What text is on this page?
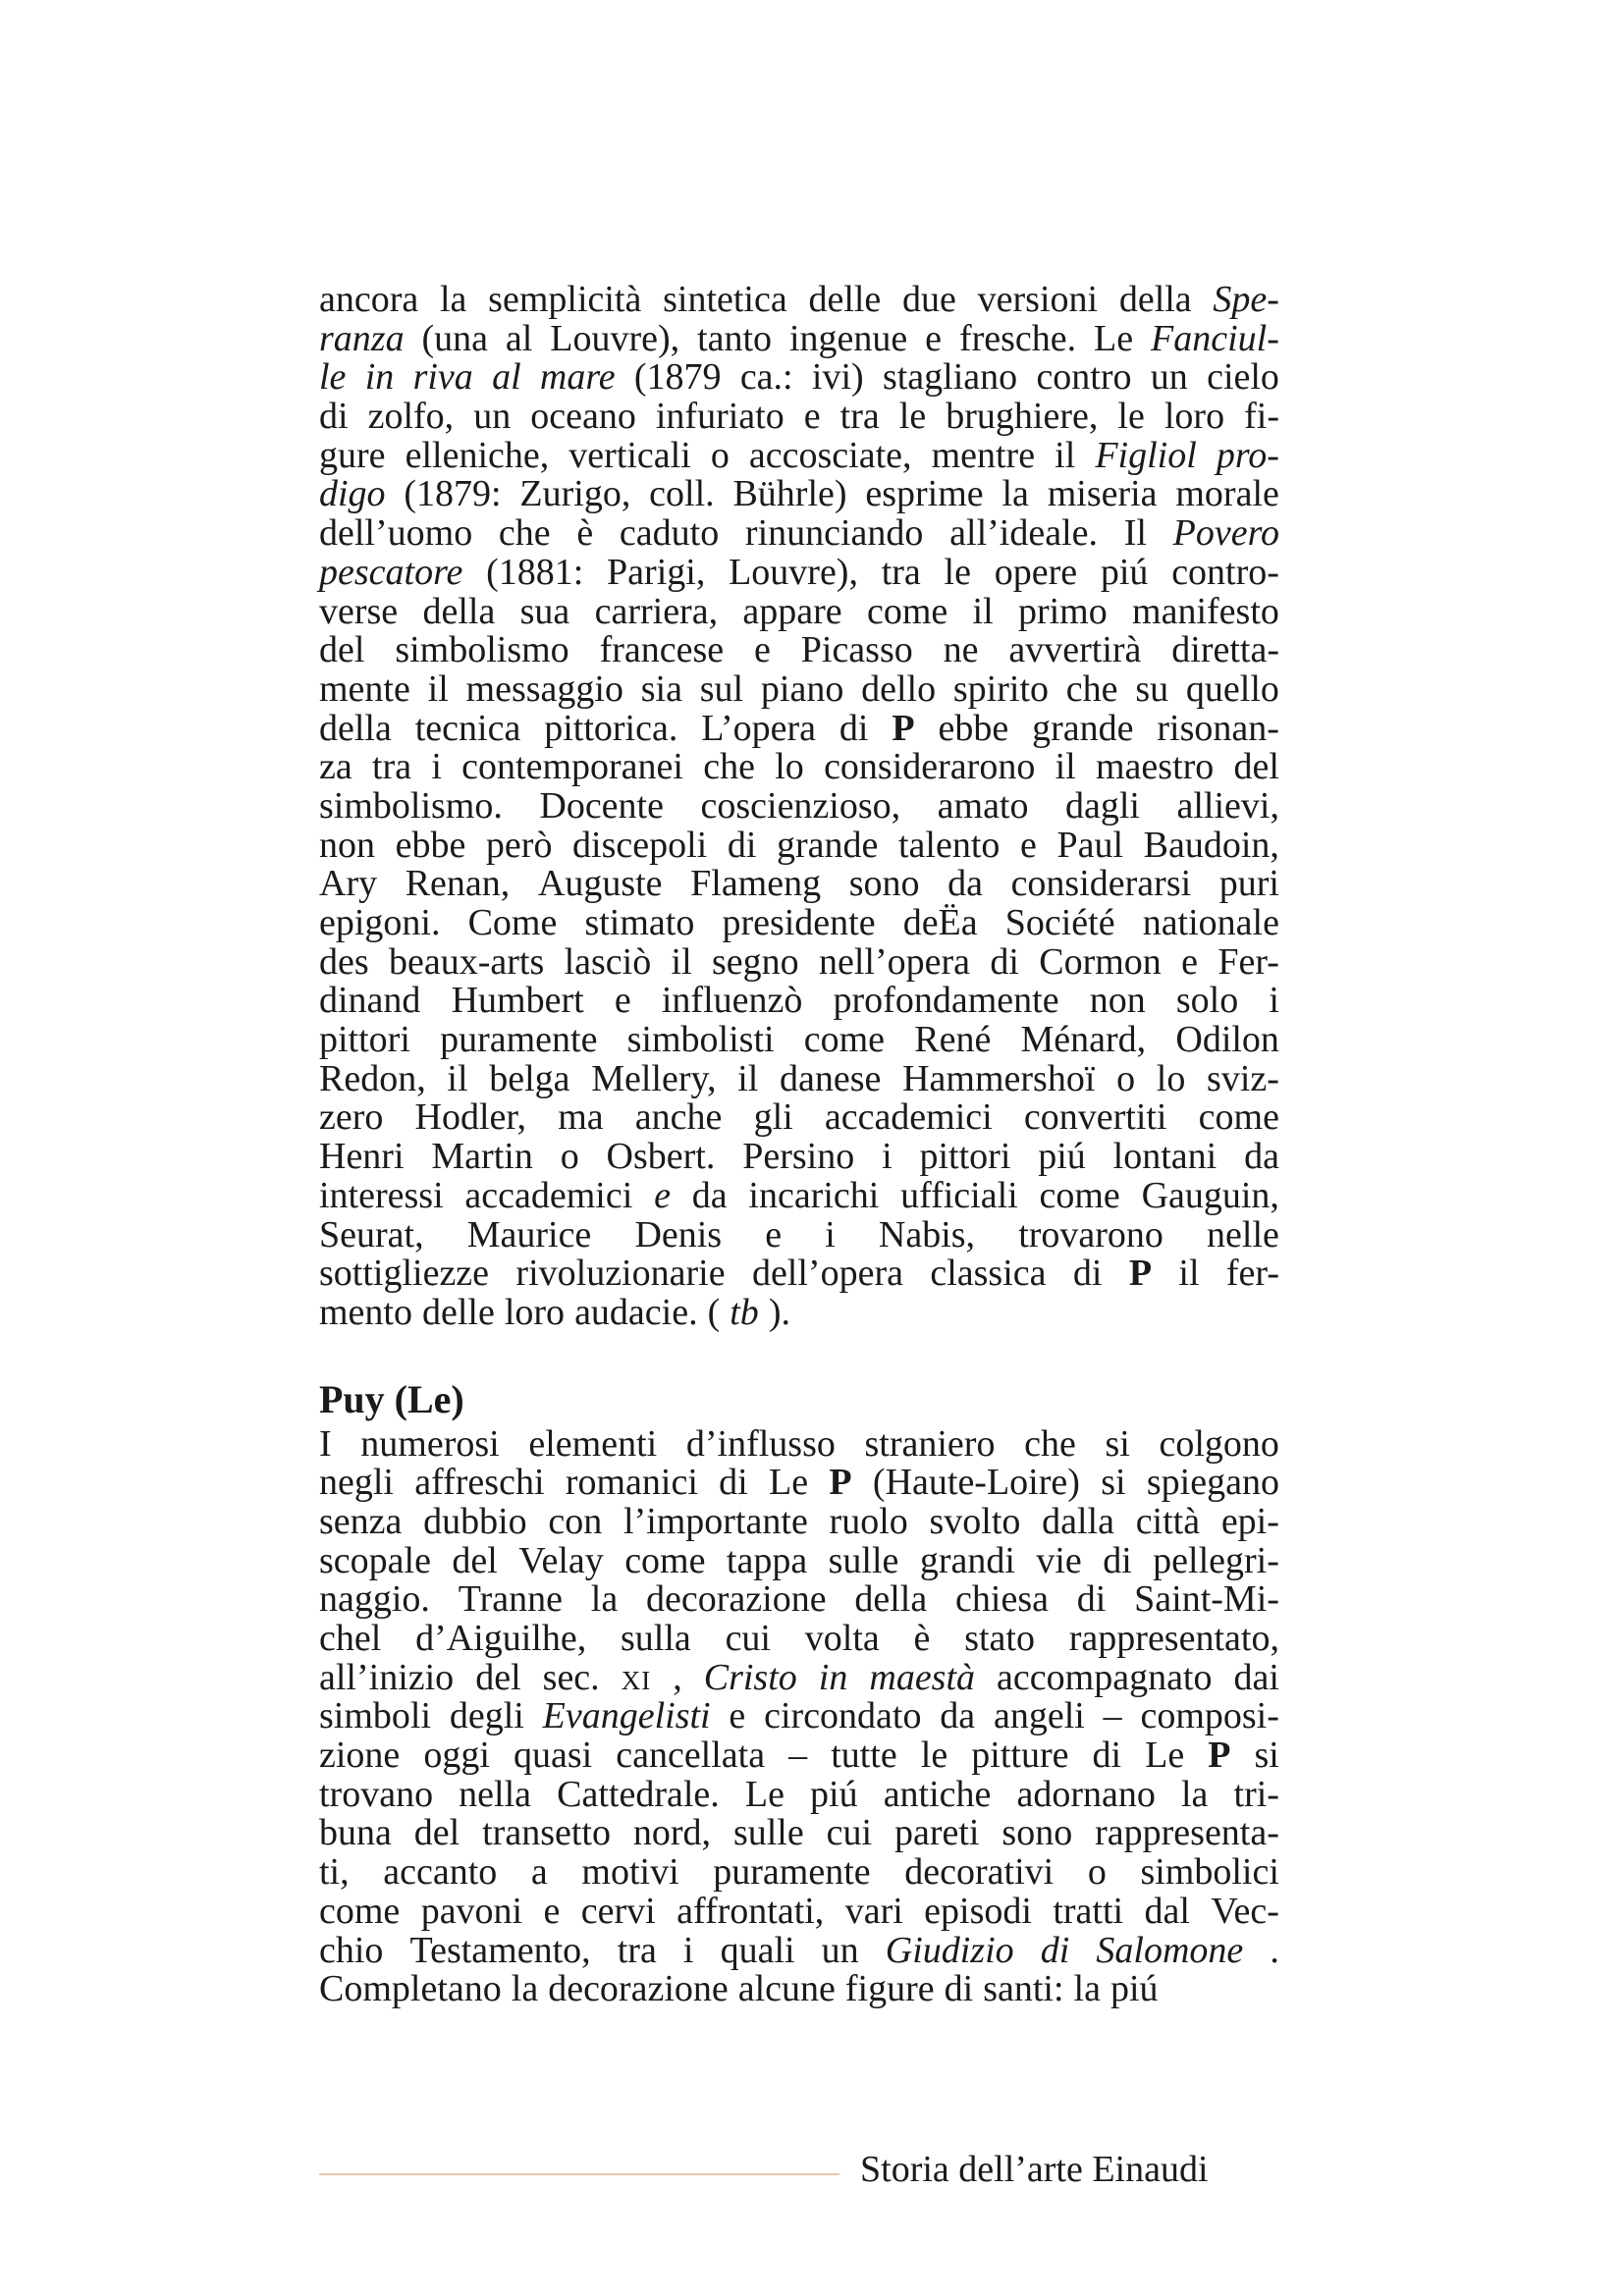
ancora la semplicità sintetica delle due versioni della Spe-
ranza (una al Louvre), tanto ingenue e fresche. Le Fanciul-
le in riva al mare (1879 ca.: ivi) stagliano contro un cielo
di zolfo, un oceano infuriato e tra le brughiere, le loro fi-
gure elleniche, verticali o accosciate, mentre il Figliol pro-
digo (1879: Zurigo, coll. Bührle) esprime la miseria morale
dell’uomo che è caduto rinunciando all’ideale. Il Povero
pescatore (1881: Parigi, Louvre), tra le opere piú contro-
verse della sua carriera, appare come il primo manifesto
del simbolismo francese e Picasso ne avvertirà diretta-
mente il messaggio sia sul piano dello spirito che su quello
della tecnica pittorica. L’opera di P ebbe grande risonan-
za tra i contemporanei che lo considerarono il maestro del
simbolismo. Docente coscienzioso, amato dagli allievi,
non ebbe però discepoli di grande talento e Paul Baudoin,
Ary Renan, Auguste Flameng sono da considerarsi puri
epigoni. Come stimato presidente deËa Société nationale
des beaux-arts lasciò il segno nell’opera di Cormon e Fer-
dinand Humbert e influenzò profondamente non solo i
pittori puramente simbolisti come René Ménard, Odilon
Redon, il belga Mellery, il danese Hammershoï o lo sviz-
zero Hodler, ma anche gli accademici convertiti come
Henri Martin o Osbert. Persino i pittori piú lontani da
interessi accademici e da incarichi ufficiali come Gauguin,
Seurat, Maurice Denis e i Nabis, trovarono nelle
sottigliezze rivoluzionarie dell’opera classica di P il fer-
mento delle loro audacie. ( tb ).
Puy (Le)
I numerosi elementi d’influsso straniero che si colgono
negli affreschi romanici di Le P (Haute-Loire) si spiegano
senza dubbio con l’importante ruolo svolto dalla città epi-
scopale del Velay come tappa sulle grandi vie di pellegri-
naggio. Tranne la decorazione della chiesa di Saint-Mi-
chel d’Aiguilhe, sulla cui volta è stato rappresentato,
all’inizio del sec. xi , Cristo in maestà accompagnato dai
simboli degli Evangelisti e circondato da angeli – composi-
zione oggi quasi cancellata – tutte le pitture di Le P si
trovano nella Cattedrale. Le piú antiche adornano la tri-
buna del transetto nord, sulle cui pareti sono rappresenta-
ti, accanto a motivi puramente decorativi o simbolici
come pavoni e cervi affrontati, vari episodi tratti dal Vec-
chio Testamento, tra i quali un Giudizio di Salomone .
Completano la decorazione alcune figure di santi: la piú
Storia dell’arte Einaudi
